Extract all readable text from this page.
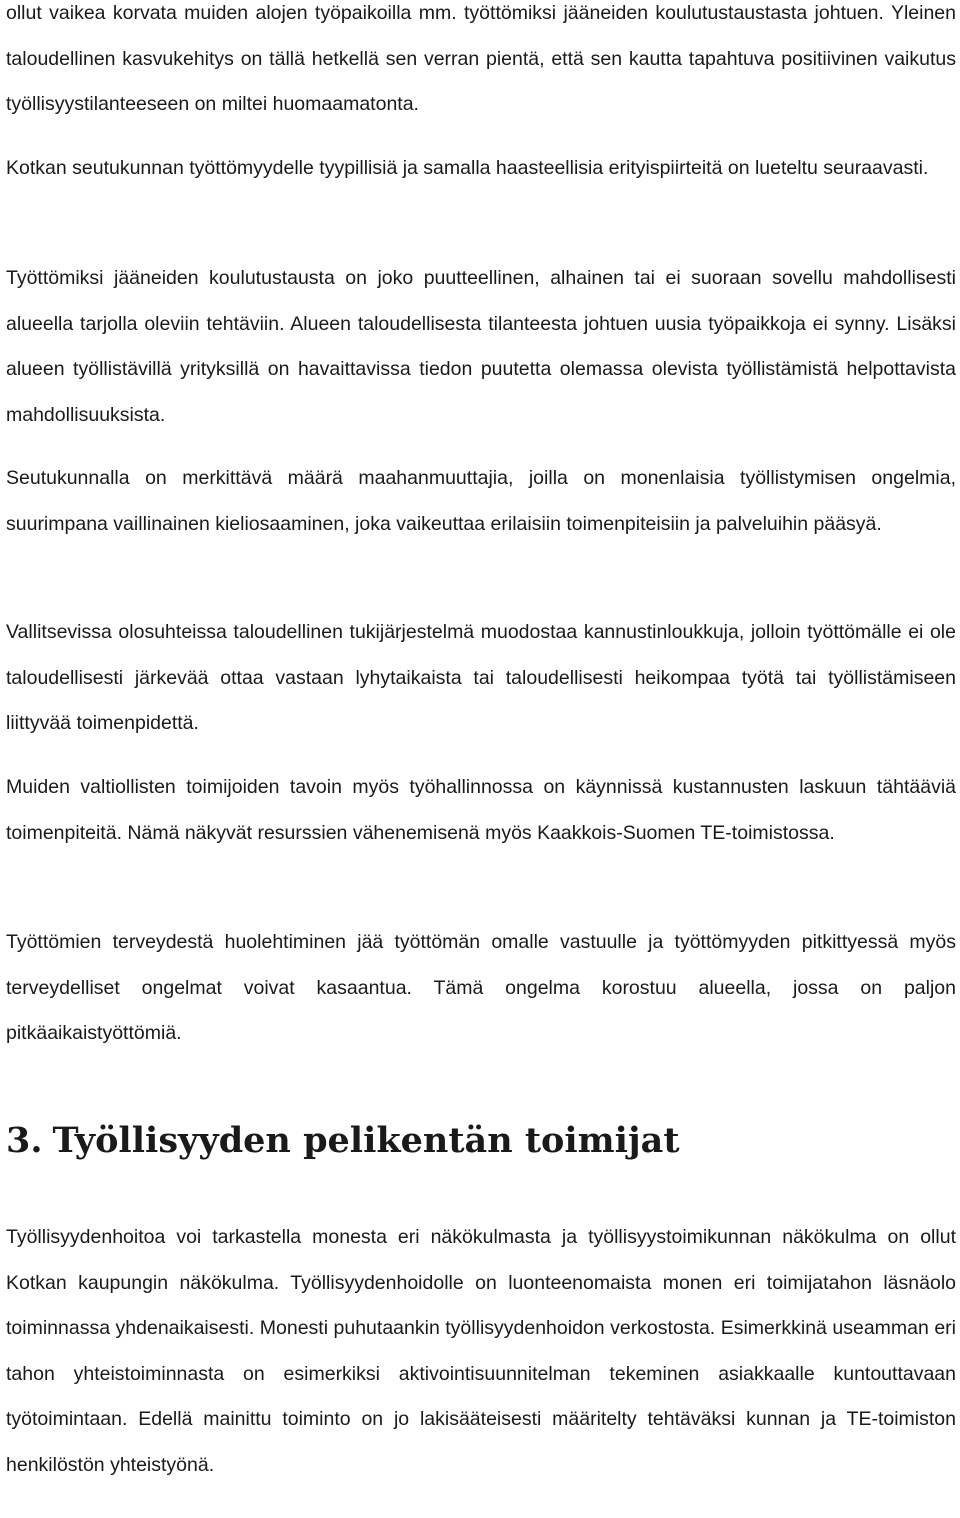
ollut vaikea korvata muiden alojen työpaikoilla mm. työttömiksi jääneiden koulutustaustasta johtuen. Yleinen taloudellinen kasvukehitys on tällä hetkellä sen verran pientä, että sen kautta tapahtuva positiivinen vaikutus työllisyystilanteeseen on miltei huomaamatonta.

Kotkan seutukunnan työttömyydelle tyypillisiä ja samalla haasteellisia erityispiirteitä on lueteltu seuraavasti.

Työttömiksi jääneiden koulutustausta on joko puutteellinen, alhainen tai ei suoraan sovellu mahdollisesti alueella tarjolla oleviin tehtäviin. Alueen taloudellisesta tilanteesta johtuen uusia työpaikkoja ei synny. Lisäksi alueen työllistävillä yrityksillä on havaittavissa tiedon puutetta olemassa olevista työllistämistä helpottavista mahdollisuuksista.

Seutukunnalla on merkittävä määrä maahanmuuttajia, joilla on monenlaisia työllistymisen ongelmia, suurimpana vaillinainen kieliosaaminen, joka vaikeuttaa erilaisiin toimenpiteisiin ja palveluihin pääsyä.

Vallitsevissa olosuhteissa taloudellinen tukijärjestelmä muodostaa kannustinloukkuja, jolloin työttömälle ei ole taloudellisesti järkevää ottaa vastaan lyhytaikaista tai taloudellisesti heikompaa työtä tai työllistämiseen liittyvää toimenpidettä.

Muiden valtiollisten toimijoiden tavoin myös työhallinnossa on käynnissä kustannusten laskuun tähtääviä toimenpiteitä. Nämä näkyvät resurssien vähenemisenä myös Kaakkois-Suomen TE-toimistossa.

Työttömien terveydestä huolehtiminen jää työttömän omalle vastuulle ja työttömyyden pitkittyessä myös terveydelliset ongelmat voivat kasaantua. Tämä ongelma korostuu alueella, jossa on paljon pitkäaikaistyöttömiä.

3. Työllisyyden pelikentän toimijat

Työllisyydenhoitoa voi tarkastella monesta eri näkökulmasta ja työllisyystoimikunnan näkökulma on ollut Kotkan kaupungin näkökulma. Työllisyydenhoidolle on luonteenomaista monen eri toimijatahon läsnäolo toiminnassa yhdenaikaisesti. Monesti puhutaankin työllisyydenhoidon verkostosta. Esimerkkinä useamman eri tahon yhteistoiminnasta on esimerkiksi aktivointisuunnitelman tekeminen asiakkaalle kuntouttavaan työtoimintaan. Edellä mainittu toiminto on jo lakisääteisesti määritelty tehtäväksi kunnan ja TE-toimiston henkilöstön yhteistyönä.
